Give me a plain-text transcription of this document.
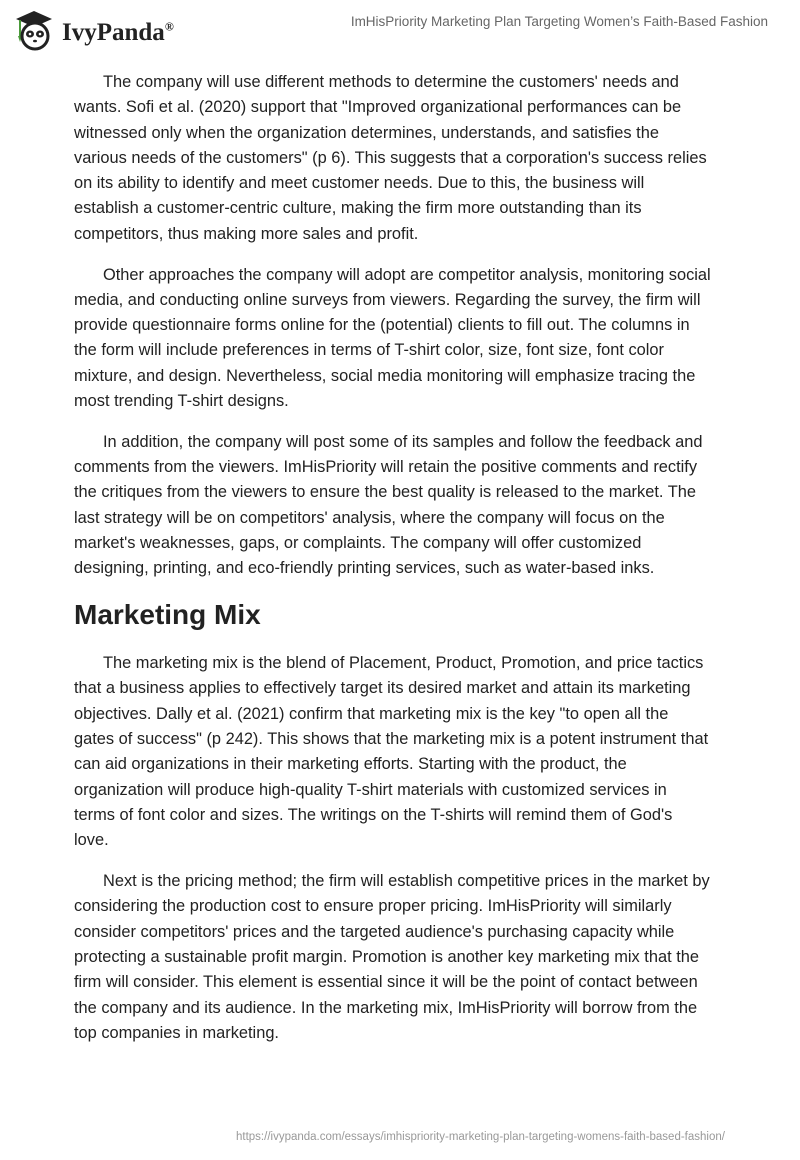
IvyPanda®	ImHisPriority Marketing Plan Targeting Women’s Faith-Based Fashion

The company will use different methods to determine the customers' needs and
wants. Sofi et al. (2020) support that "Improved organizational performances can be
witnessed only when the organization determines, understands, and satisfies the
various needs of the customers" (p 6). This suggests that a corporation's success relies
on its ability to identify and meet customer needs. Due to this, the business will
establish a customer-centric culture, making the firm more outstanding than its
competitors, thus making more sales and profit.

Other approaches the company will adopt are competitor analysis, monitoring social
media, and conducting online surveys from viewers. Regarding the survey, the firm will
provide questionnaire forms online for the (potential) clients to fill out. The columns in
the form will include preferences in terms of T-shirt color, size, font size, font color
mixture, and design. Nevertheless, social media monitoring will emphasize tracing the
most trending T-shirt designs.

In addition, the company will post some of its samples and follow the feedback and
comments from the viewers. ImHisPriority will retain the positive comments and rectify
the critiques from the viewers to ensure the best quality is released to the market. The
last strategy will be on competitors' analysis, where the company will focus on the
market's weaknesses, gaps, or complaints. The company will offer customized
designing, printing, and eco-friendly printing services, such as water-based inks.

Marketing Mix

The marketing mix is the blend of Placement, Product, Promotion, and price tactics
that a business applies to effectively target its desired market and attain its marketing
objectives. Dally et al. (2021) confirm that marketing mix is the key "to open all the
gates of success" (p 242). This shows that the marketing mix is a potent instrument that
can aid organizations in their marketing efforts. Starting with the product, the
organization will produce high-quality T-shirt materials with customized services in
terms of font color and sizes. The writings on the T-shirts will remind them of God's
love.

Next is the pricing method; the firm will establish competitive prices in the market by
considering the production cost to ensure proper pricing. ImHisPriority will similarly
consider competitors' prices and the targeted audience's purchasing capacity while
protecting a sustainable profit margin. Promotion is another key marketing mix that the
firm will consider. This element is essential since it will be the point of contact between
the company and its audience. In the marketing mix, ImHisPriority will borrow from the
top companies in marketing.

https://ivypanda.com/essays/imhispriority-marketing-plan-targeting-womens-faith-based-fashion/
